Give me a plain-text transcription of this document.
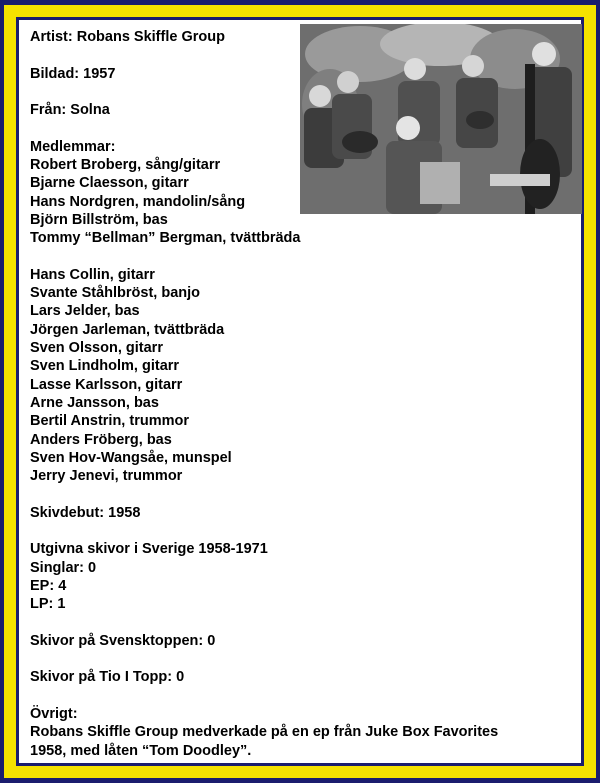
Artist: Robans Skiffle Group
Bildad: 1957
Från: Solna
Medlemmar:
Robert Broberg, sång/gitarr
Bjarne Claesson, gitarr
Hans Nordgren, mandolin/sång
Björn Billström, bas
Tommy “Bellman” Bergman, tvättbräda
Hans Collin, gitarr
Svante Ståhlbröst, banjo
Lars Jelder, bas
Jörgen Jarleman, tvättbräda
Sven Olsson, gitarr
Sven Lindholm, gitarr
Lasse Karlsson, gitarr
Arne Jansson, bas
Bertil Anstrin, trummor
Anders Fröberg, bas
Sven Hov-Wangsåe, munspel
Jerry Jenevi, trummor
Skivdebut: 1958
Utgivna skivor i Sverige 1958-1971
Singlar: 0
EP: 4
LP: 1
Skivor på Svensktoppen: 0
Skivor på Tio I Topp: 0
Övrigt:
Robans Skiffle Group medverkade på en ep från Juke Box Favorites
1958, med låten “Tom Doodley”.
